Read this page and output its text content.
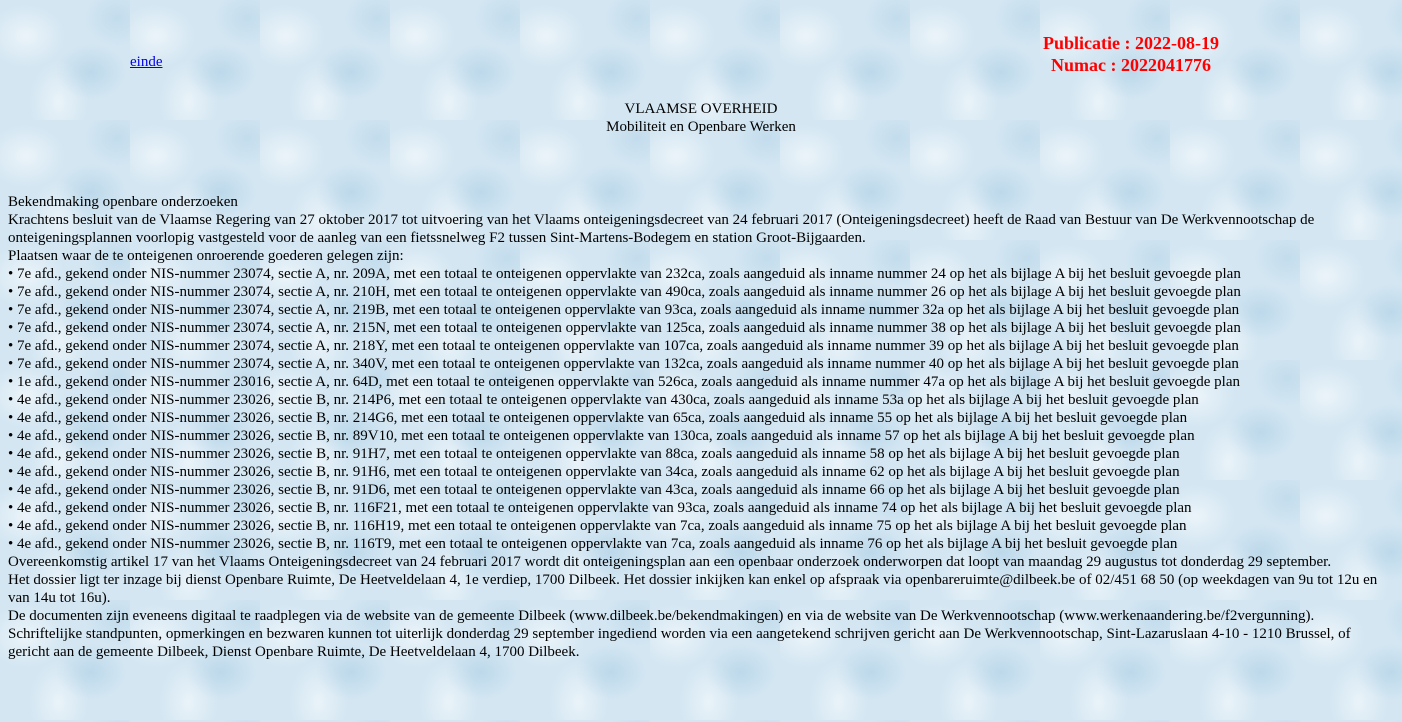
einde
Publicatie : 2022-08-19
Numac : 2022041776
VLAAMSE OVERHEID
Mobiliteit en Openbare Werken
Bekendmaking openbare onderzoeken
Krachtens besluit van de Vlaamse Regering van 27 oktober 2017 tot uitvoering van het Vlaams onteigeningsdecreet van 24 februari 2017 (Onteigeningsdecreet) heeft de Raad van Bestuur van De Werkvennootschap de onteigeningsplannen voorlopig vastgesteld voor de aanleg van een fietssnelweg F2 tussen Sint-Martens-Bodegem en station Groot-Bijgaarden.
Plaatsen waar de te onteigenen onroerende goederen gelegen zijn:
• 7e afd., gekend onder NIS-nummer 23074, sectie A, nr. 209A, met een totaal te onteigenen oppervlakte van 232ca, zoals aangeduid als inname nummer 24 op het als bijlage A bij het besluit gevoegde plan
• 7e afd., gekend onder NIS-nummer 23074, sectie A, nr. 210H, met een totaal te onteigenen oppervlakte van 490ca, zoals aangeduid als inname nummer 26 op het als bijlage A bij het besluit gevoegde plan
• 7e afd., gekend onder NIS-nummer 23074, sectie A, nr. 219B, met een totaal te onteigenen oppervlakte van 93ca, zoals aangeduid als inname nummer 32a op het als bijlage A bij het besluit gevoegde plan
• 7e afd., gekend onder NIS-nummer 23074, sectie A, nr. 215N, met een totaal te onteigenen oppervlakte van 125ca, zoals aangeduid als inname nummer 38 op het als bijlage A bij het besluit gevoegde plan
• 7e afd., gekend onder NIS-nummer 23074, sectie A, nr. 218Y, met een totaal te onteigenen oppervlakte van 107ca, zoals aangeduid als inname nummer 39 op het als bijlage A bij het besluit gevoegde plan
• 7e afd., gekend onder NIS-nummer 23074, sectie A, nr. 340V, met een totaal te onteigenen oppervlakte van 132ca, zoals aangeduid als inname nummer 40 op het als bijlage A bij het besluit gevoegde plan
• 1e afd., gekend onder NIS-nummer 23016, sectie A, nr. 64D, met een totaal te onteigenen oppervlakte van 526ca, zoals aangeduid als inname nummer 47a op het als bijlage A bij het besluit gevoegde plan
• 4e afd., gekend onder NIS-nummer 23026, sectie B, nr. 214P6, met een totaal te onteigenen oppervlakte van 430ca, zoals aangeduid als inname 53a op het als bijlage A bij het besluit gevoegde plan
• 4e afd., gekend onder NIS-nummer 23026, sectie B, nr. 214G6, met een totaal te onteigenen oppervlakte van 65ca, zoals aangeduid als inname 55 op het als bijlage A bij het besluit gevoegde plan
• 4e afd., gekend onder NIS-nummer 23026, sectie B, nr. 89V10, met een totaal te onteigenen oppervlakte van 130ca, zoals aangeduid als inname 57 op het als bijlage A bij het besluit gevoegde plan
• 4e afd., gekend onder NIS-nummer 23026, sectie B, nr. 91H7, met een totaal te onteigenen oppervlakte van 88ca, zoals aangeduid als inname 58 op het als bijlage A bij het besluit gevoegde plan
• 4e afd., gekend onder NIS-nummer 23026, sectie B, nr. 91H6, met een totaal te onteigenen oppervlakte van 34ca, zoals aangeduid als inname 62 op het als bijlage A bij het besluit gevoegde plan
• 4e afd., gekend onder NIS-nummer 23026, sectie B, nr. 91D6, met een totaal te onteigenen oppervlakte van 43ca, zoals aangeduid als inname 66 op het als bijlage A bij het besluit gevoegde plan
• 4e afd., gekend onder NIS-nummer 23026, sectie B, nr. 116F21, met een totaal te onteigenen oppervlakte van 93ca, zoals aangeduid als inname 74 op het als bijlage A bij het besluit gevoegde plan
• 4e afd., gekend onder NIS-nummer 23026, sectie B, nr. 116H19, met een totaal te onteigenen oppervlakte van 7ca, zoals aangeduid als inname 75 op het als bijlage A bij het besluit gevoegde plan
• 4e afd., gekend onder NIS-nummer 23026, sectie B, nr. 116T9, met een totaal te onteigenen oppervlakte van 7ca, zoals aangeduid als inname 76 op het als bijlage A bij het besluit gevoegde plan
Overeenkomstig artikel 17 van het Vlaams Onteigeningsdecreet van 24 februari 2017 wordt dit onteigeningsplan aan een openbaar onderzoek onderworpen dat loopt van maandag 29 augustus tot donderdag 29 september.
Het dossier ligt ter inzage bij dienst Openbare Ruimte, De Heetveldelaan 4, 1e verdiep, 1700 Dilbeek. Het dossier inkijken kan enkel op afspraak via openbareruimte@dilbeek.be of 02/451 68 50 (op weekdagen van 9u tot 12u en van 14u tot 16u).
De documenten zijn eveneens digitaal te raadplegen via de website van de gemeente Dilbeek (www.dilbeek.be/bekendmakingen) en via de website van De Werkvennootschap (www.werkenaandering.be/f2vergunning).
Schriftelijke standpunten, opmerkingen en bezwaren kunnen tot uiterlijk donderdag 29 september ingediend worden via een aangetekend schrijven gericht aan De Werkvennootschap, Sint-Lazaruslaan 4-10 - 1210 Brussel, of gericht aan de gemeente Dilbeek, Dienst Openbare Ruimte, De Heetveldelaan 4, 1700 Dilbeek.
